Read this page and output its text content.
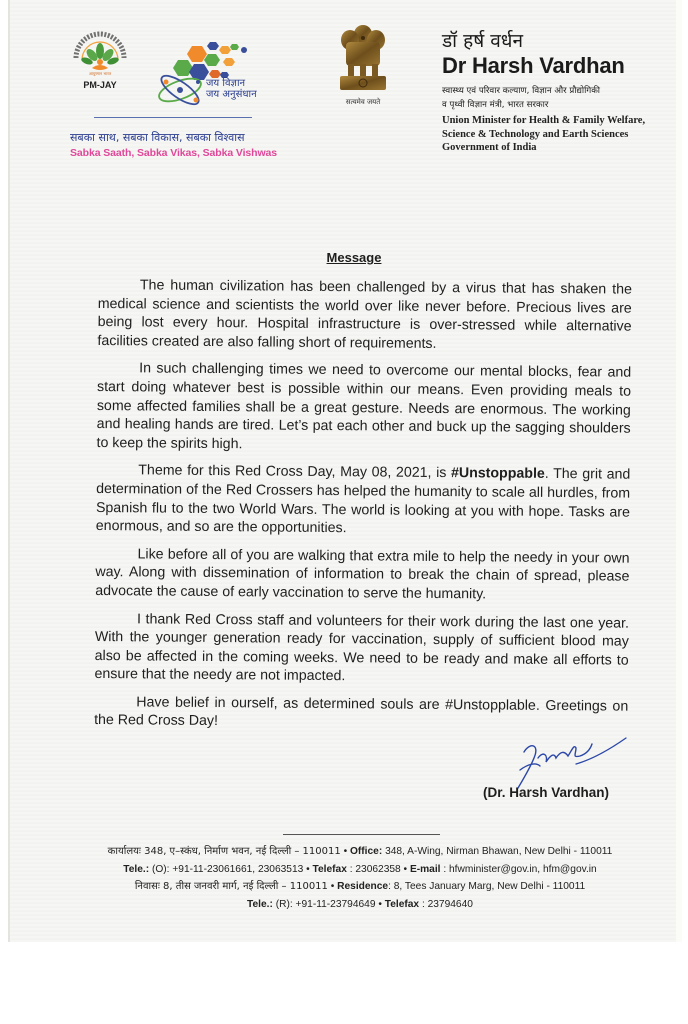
आयुष्मान भारत
PM-JAY	जय विज्ञान
जय अनुसंधान
सबका साथ, सबका विकास, सबका विश्वास
Sabka Saath, Sabka Vikas, Sabka Vishwas
सत्यमेव जयते
डॉ हर्ष वर्धन
Dr Harsh Vardhan
स्वास्थ्य एवं परिवार कल्याण, विज्ञान और प्रौद्योगिकी
व पृथ्वी विज्ञान मंत्री, भारत सरकार
Union Minister for Health & Family Welfare,
Science & Technology and Earth Sciences
Government of India
Message

The human civilization has been challenged by a virus that has shaken the medical science and scientists the world over like never before. Precious lives are being lost every hour. Hospital infrastructure is over-stressed while alternative facilities created are also falling short of requirements.

In such challenging times we need to overcome our mental blocks, fear and start doing whatever best is possible within our means. Even providing meals to some affected families shall be a great gesture. Needs are enormous. The working and healing hands are tired. Let’s pat each other and buck up the sagging shoulders to keep the spirits high.

Theme for this Red Cross Day, May 08, 2021, is #Unstoppable. The grit and determination of the Red Crossers has helped the humanity to scale all hurdles, from Spanish flu to the two World Wars. The world is looking at you with hope. Tasks are enormous, and so are the opportunities.

Like before all of you are walking that extra mile to help the needy in your own way. Along with dissemination of information to break the chain of spread, please advocate the cause of early vaccination to serve the humanity.

I thank Red Cross staff and volunteers for their work during the last one year. With the younger generation ready for vaccination, supply of sufficient blood may also be affected in the coming weeks. We need to be ready and make all efforts to ensure that the needy are not impacted.

Have belief in ourself, as determined souls are #Unstopplable. Greetings on the Red Cross Day!

(Dr. Harsh Vardhan)
कार्यालयः 348, ए–स्कंध, निर्माण भवन, नई दिल्ली – 110011 • Office: 348, A-Wing, Nirman Bhawan, New Delhi - 110011
Tele.: (O): +91-11-23061661, 23063513 • Telefax : 23062358 • E-mail : hfwminister@gov.in, hfm@gov.in
निवासः 8, तीस जनवरी मार्ग, नई दिल्ली – 110011 • Residence: 8, Tees January Marg, New Delhi - 110011
Tele.: (R): +91-11-23794649 • Telefax : 23794640
